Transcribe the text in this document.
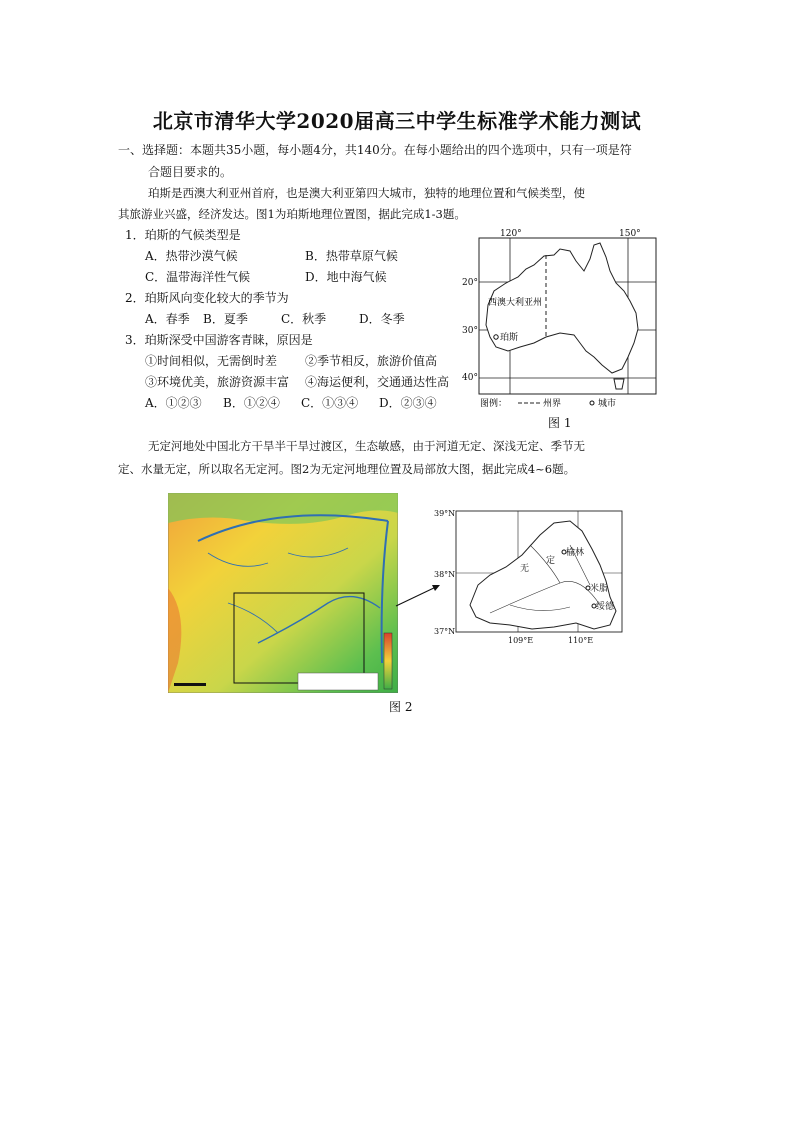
北京市清华大学2020届高三中学生标准学术能力测试
一、选择题：本题共35小题，每小题4分，共140分。在每小题给出的四个选项中，只有一项是符
合题目要求的。
珀斯是西澳大利亚州首府，也是澳大利亚第四大城市，独特的地理位置和气候类型，使
其旅游业兴盛，经济发达。图1为珀斯地理位置图，据此完成1-3题。
1．珀斯的气候类型是
A．热带沙漠气候	B．热带草原气候
C．温带海洋性气候	D．地中海气候
2．珀斯风向变化较大的季节为
A．春季 B．夏季	C．秋季	D．冬季
3．珀斯深受中国游客青睐，原因是
①时间相似，无需倒时差 ②季节相反，旅游价值高
③环境优美，旅游资源丰富 ④海运便利，交通通达性高
A．①②③ B．①②④ C．①③④ D．②③④
120°	150°
20°
30°
40°
西澳大利亚州
珀斯
图例：	州界	城市
图 1
无定河地处中国北方干旱半干旱过渡区，生态敏感，由于河道无定、深浅无定、季节无
定、水量无定，所以取名无定河。图2为无定河地理位置及局部放大图，据此完成4~6题。
39°N
38°N
37°N
109°E	110°E
定
无
榆林
米脂
绥德
图 2
